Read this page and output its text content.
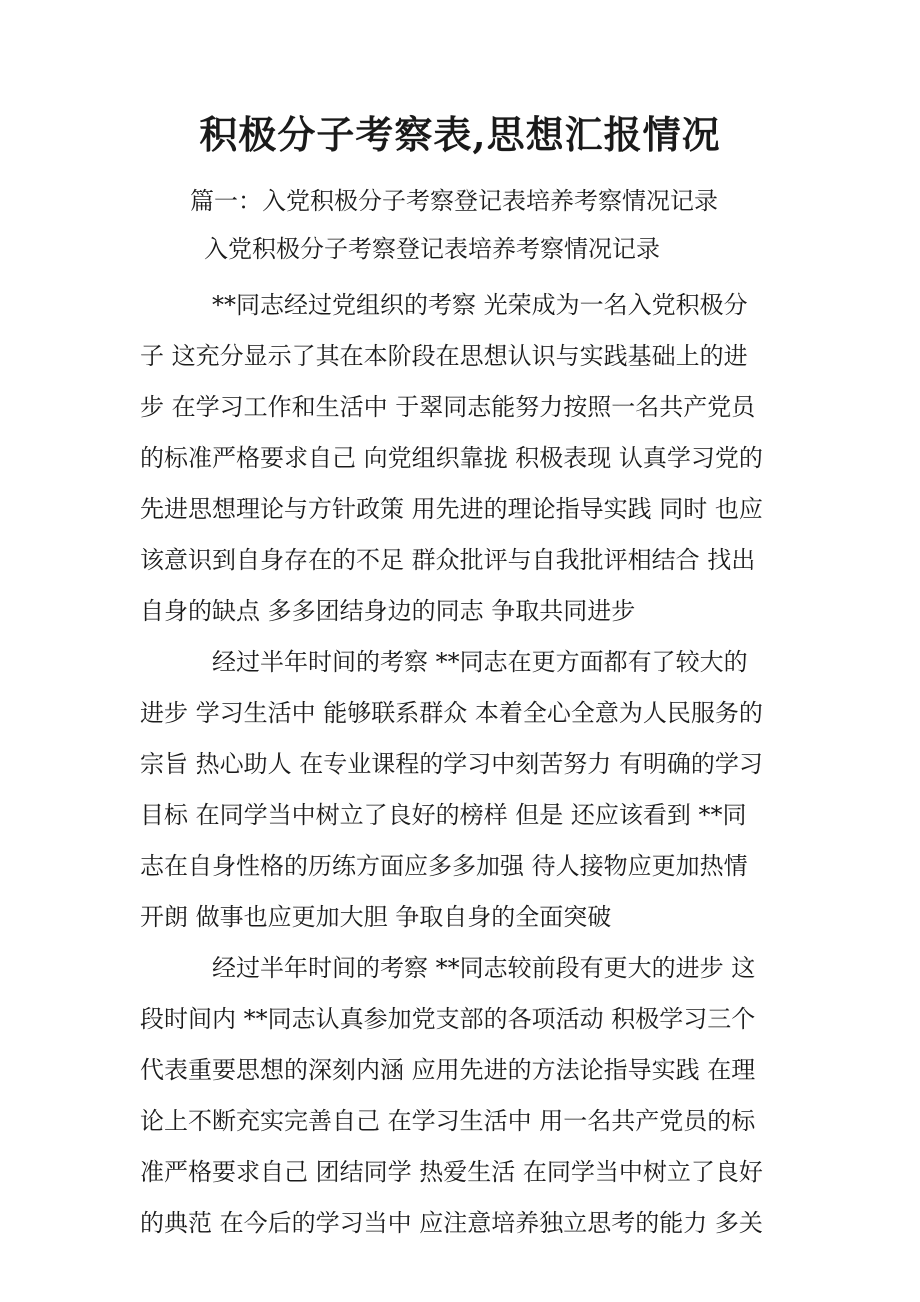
积极分子考察表,思想汇报情况
篇一：入党积极分子考察登记表培养考察情况记录
入党积极分子考察登记表培养考察情况记录
**同志经过党组织的考察 光荣成为一名入党积极分
子 这充分显示了其在本阶段在思想认识与实践基础上的进
步 在学习工作和生活中 于翠同志能努力按照一名共产党员
的标准严格要求自己 向党组织靠拢 积极表现 认真学习党的
先进思想理论与方针政策 用先进的理论指导实践 同时 也应
该意识到自身存在的不足 群众批评与自我批评相结合 找出
自身的缺点 多多团结身边的同志 争取共同进步
经过半年时间的考察 **同志在更方面都有了较大的
进步 学习生活中 能够联系群众 本着全心全意为人民服务的
宗旨 热心助人 在专业课程的学习中刻苦努力 有明确的学习
目标 在同学当中树立了良好的榜样 但是 还应该看到 **同
志在自身性格的历练方面应多多加强 待人接物应更加热情
开朗 做事也应更加大胆 争取自身的全面突破
经过半年时间的考察 **同志较前段有更大的进步 这
段时间内 **同志认真参加党支部的各项活动 积极学习三个
代表重要思想的深刻内涵 应用先进的方法论指导实践 在理
论上不断充实完善自己 在学习生活中 用一名共产党员的标
准严格要求自己 团结同学 热爱生活 在同学当中树立了良好
的典范 在今后的学习当中 应注意培养独立思考的能力 多关
